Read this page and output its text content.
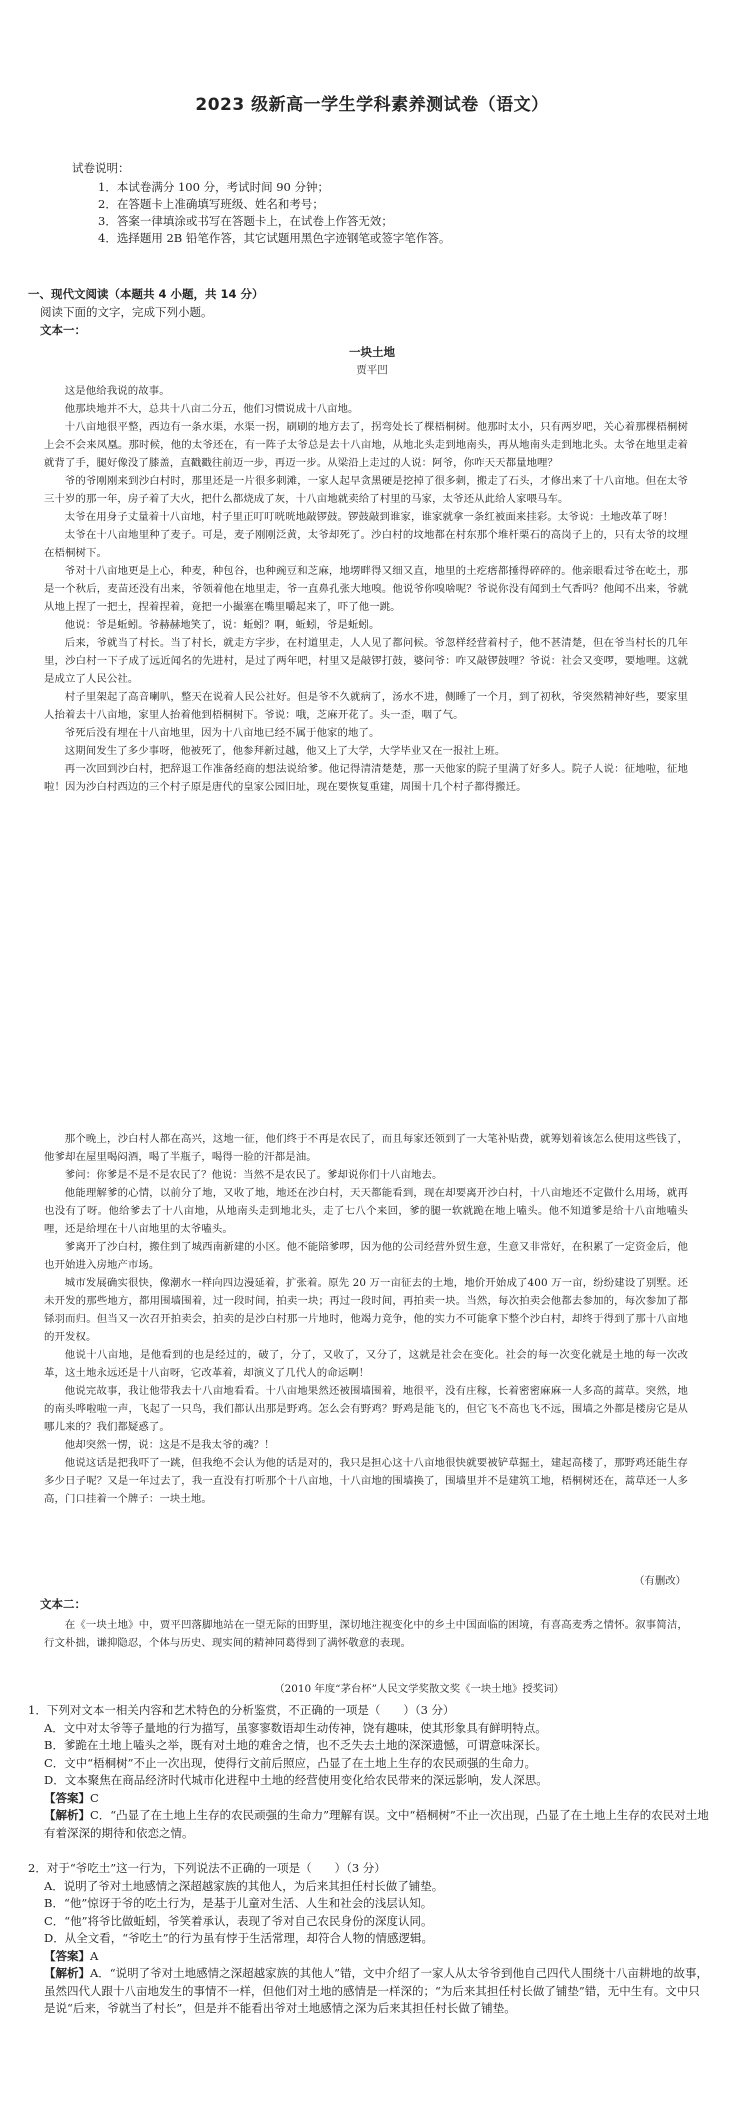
2023 级新高一学生学科素养测试卷（语文）
试卷说明：
1．本试卷满分 100 分，考试时间 90 分钟；
2．在答题卡上准确填写班级、姓名和考号；
3．答案一律填涂或书写在答题卡上，在试卷上作答无效；
4．选择题用 2B 铅笔作答，其它试题用黑色字迹钢笔或签字笔作答。
一、现代文阅读（本题共 4 小题，共 14 分）
阅读下面的文字，完成下列小题。
文本一：
一块土地
贾平凹

这是他给我说的故事。

他那块地并不大，总共十八亩二分五，他们习惯说成十八亩地。

十八亩地很平整，西边有一条水渠，水渠一拐，刷刷的地方去了，拐弯处长了棵梧桐树。他那时太小，只有两岁吧，关心着那棵梧桐树上会不会来凤凰。那时候，他的太爷还在，有一阵子太爷总是去十八亩地，从地北头走到地南头，再从地南头走到地北头。太爷在地里走着就背了手，腿好像没了膝盖，直戳戳往前迈一步，再迈一步。从梁沿上走过的人说：阿爷，你咋天天都量地哩？

爷的爷刚刚来到沙白村时，那里还是一片很多刺滩，一家人起早贪黑硬是挖掉了很多刺，搬走了石头，才修出来了十八亩地。但在太爷三十岁的那一年，房子着了大火，把什么都烧成了灰，十八亩地就卖给了村里的马家，太爷还从此给人家喂马车。

太爷在用身子丈量着十八亩地，村子里正叮叮咣咣地敲锣鼓。锣鼓敲到谁家，谁家就拿一条红被面来挂彩。太爷说：土地改革了呀！

太爷在十八亩地里种了麦子。可是，麦子刚刚泛黄，太爷却死了。沙白村的坟地都在村东那个堆杆栗石的高岗子上的，只有太爷的坟埋在梧桐树下。

爷对十八亩地更是上心，种麦，种包谷，也种豌豆和芝麻，地塄畔得又细又直，地里的土疙瘩都捶得碎碎的。他亲眼看过爷在屹土，那是一个秋后，麦苗还没有出来，爷领着他在地里走，爷一直鼻孔张大地嗅。他说爷你嗅啥呢？爷说你没有闻到土气香吗？他闻不出来，爷就从地上捏了一把土，捏着捏着，竟把一小撮塞在嘴里嚼起来了，吓了他一跳。

他说：爷是蚯蚓。爷赫赫地笑了，说：蚯蚓？啊，蚯蚓，爷是蚯蚓。

后来，爷就当了村长。当了村长，就走方字步，在村道里走，人人见了都问候。爷忽样经营着村子，他不甚清楚，但在爷当村长的几年里，沙白村一下子成了远近闻名的先进村，是过了两年吧，村里又是敲锣打鼓，婆问爷：咋又敲锣鼓哩？爷说：社会又变啰，要地哩。这就是成立了人民公社。

村子里架起了高音喇叭，整天在说着人民公社好。但是爷不久就病了，汤水不进，侧睡了一个月，到了初秋，爷突然精神好些，要家里人抬着去十八亩地，家里人抬着他到梧桐树下。爷说：哦，芝麻开花了。头一歪，咽了气。

爷死后没有埋在十八亩地里，因为十八亩地已经不属于他家的地了。

这期间发生了多少事呀，他被死了，他参拜新过越，他又上了大学，大学毕业又在一报社上班。

再一次回到沙白村，把辞退工作准备经商的想法说给爹。他记得清清楚楚，那一天他家的院子里满了好多人。院子人说：征地啦，征地啦！因为沙白村西边的三个村子原是唐代的皇家公园旧址，现在要恢复重建，周围十几个村子都得搬迁。

那个晚上，沙白村人都在高兴，这地一征，他们终于不再是农民了，而且每家还领到了一大笔补贴费，就筹划着该怎么使用这些钱了，他爹却在屋里喝闷酒，喝了半瓶子，喝得一脸的汗都是油。

爹问：你爹是不是不是农民了？他说：当然不是农民了。爹却说你们十八亩地去。

他能理解爹的心情，以前分了地，又收了地，地还在沙白村，天天都能看到，现在却要离开沙白村，十八亩地还不定做什么用场，就再也没有了呀。他给爹去了十八亩地，从地南头走到地北头，走了七八个来回，爹的腿一软就跪在地上嗑头。他不知道爹是给十八亩地嗑头哩，还是给埋在十八亩地里的太爷嗑头。

爹离开了沙白村，搬住到了城西南新建的小区。他不能陪爹啰，因为他的公司经营外贸生意，生意又非常好，在积累了一定资金后，他也开始进入房地产市场。

城市发展确实很快，像潮水一样向四边漫延着，扩张着。原先 20 万一亩征去的土地，地价开始成了400 万一亩，纷纷建设了别墅。还未开发的那些地方，都用围墙围着，过一段时间，拍卖一块；再过一段时间，再拍卖一块。当然，每次拍卖会他都去参加的，每次参加了都铩羽而归。但当又一次召开拍卖会，拍卖的是沙白村那一片地时，他竭力竞争，他的实力不可能拿下整个沙白村，却终于得到了那十八亩地的开发权。

他说十八亩地，是他看到的也是经过的，破了，分了，又收了，又分了，这就是社会在变化。社会的每一次变化就是土地的每一次改革，这土地永远还是十八亩呀，它改革着，却演义了几代人的命运啊！

他说完故事，我让他带我去十八亩地看看。十八亩地果然还被围墙围着，地很平，没有庄稼，长着密密麻麻一人多高的蒿草。突然，地的南头哗啦啦一声，飞起了一只鸟，我们都认出那是野鸡。怎么会有野鸡？野鸡是能飞的，但它飞不高也飞不远，围墙之外都是楼房它是从哪儿来的？我们都疑惑了。

他却突然一愣，说：这是不是我太爷的魂？！

他说这话是把我吓了一跳，但我绝不会认为他的话是对的，我只是担心这十八亩地很快就要被铲草掘土，建起高楼了，那野鸡还能生存多少日子呢？又是一年过去了，我一直没有打听那个十八亩地，十八亩地的围墙换了，围墙里并不是建筑工地，梧桐树还在，蒿草还一人多高，门口挂着一个牌子：一块土地。

（有删改）
文本二：

在《一块土地》中，贾平凹落脚地站在一望无际的田野里，深切地注视变化中的乡土中国面临的困境，有喜高麦秀之情怀。叙事简洁，行文朴拙，谦抑隐忍，个体与历史、现实间的精神同葛得到了满怀敬意的表现。

（2010 年度“茅台杯”人民文学奖散文奖《一块土地》授奖词）

1．下列对文本一相关内容和艺术特色的分析鉴赏，不正确的一项是（　　）（3 分）

A．文中对太爷等子量地的行为描写，虽寥寥数语却生动传神，饶有趣味，使其形象具有鲜明特点。

B．爹跪在土地上嗑头之举，既有对土地的难舍之情，也不乏失去土地的深深遗憾，可谓意味深长。

C．文中“梧桐树”不止一次出现，使得行文前后照应，凸显了在土地上生存的农民顽强的生命力。

D．文本聚焦在商品经济时代城市化进程中土地的经营使用变化给农民带来的深远影响，发人深思。

【答案】C

【解析】C．“凸显了在土地上生存的农民顽强的生命力”理解有误。文中“梧桐树”不止一次出现，凸显了在土地上生存的农民对土地有着深深的期待和依恋之情。

2．对于“爷吃土”这一行为，下列说法不正确的一项是（　　）（3 分）

A．说明了爷对土地感情之深超越家族的其他人，为后来其担任村长做了铺垫。

B．“他”惊讶于爷的吃土行为，是基于儿童对生活、人生和社会的浅层认知。

C．“他”将爷比做蚯蚓，爷笑着承认，表现了爷对自己农民身份的深度认同。

D．从全文看，“爷吃土”的行为虽有悖于生活常理，却符合人物的情感逻辑。

【答案】A

【解析】A．“说明了爷对土地感情之深超越家族的其他人”错，文中介绍了一家人从太爷爷到他自己四代人围绕十八亩耕地的故事，虽然四代人跟十八亩地发生的事情不一样，但他们对土地的感情是一样深的；“为后来其担任村长做了铺垫”错，无中生有。文中只是说“后来，爷就当了村长”，但是并不能看出爷对土地感情之深为后来其担任村长做了铺垫。
